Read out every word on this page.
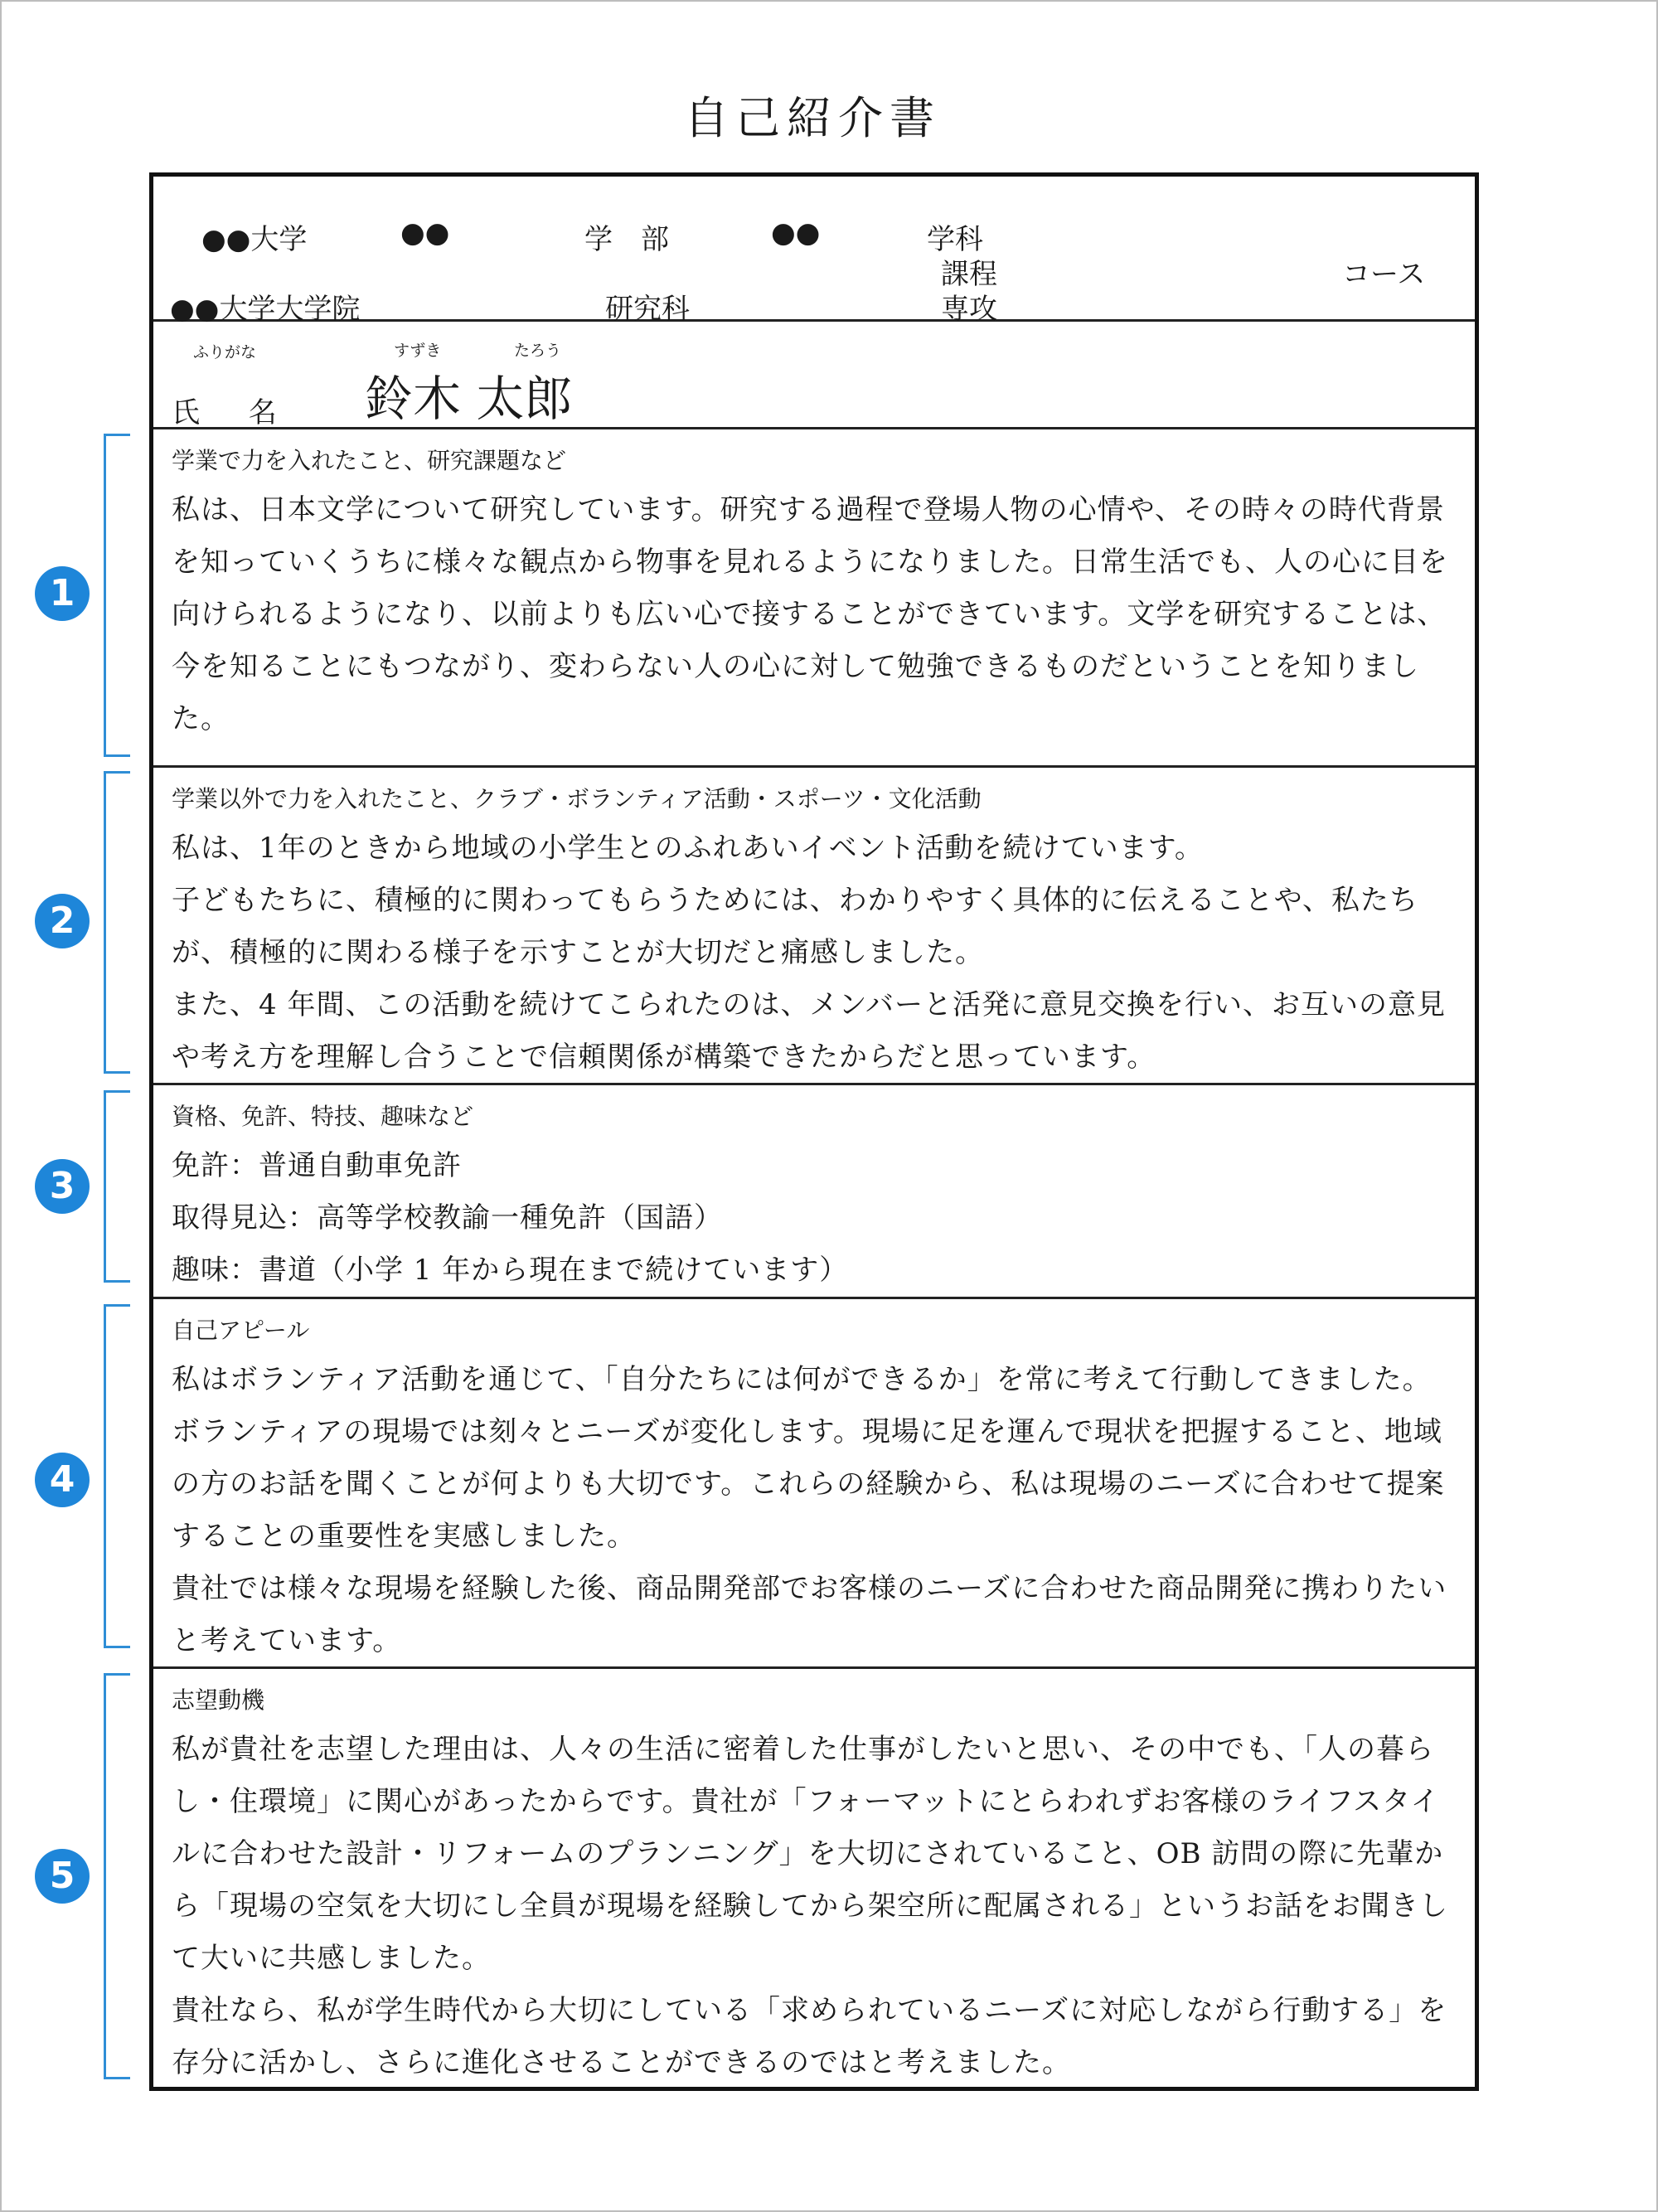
自己紹介書
●●大学	●●	学　部	●●	学科
課程	コース
●●大学大学院	研究科	専攻
ふりがな	すずき	たろう
氏 名 鈴木 太郎
学業で力を入れたこと、研究課題など

私は、日本文学について研究しています。研究する過程で登場人物の心情や、その時々の時代背景を知っていくうちに様々な観点から物事を見れるようになりました。日常生活でも、人の心に目を向けられるようになり、以前よりも広い心で接することができています。文学を研究することは、今を知ることにもつながり、変わらない人の心に対して勉強できるものだということを知りました。

学業以外で力を入れたこと、クラブ・ボランティア活動・スポーツ・文化活動

私は、1年のときから地域の小学生とのふれあいイベント活動を続けています。

子どもたちに、積極的に関わってもらうためには、わかりやすく具体的に伝えることや、私たちが、積極的に関わる様子を示すことが大切だと痛感しました。

また、4 年間、この活動を続けてこられたのは、メンバーと活発に意見交換を行い、お互いの意見や考え方を理解し合うことで信頼関係が構築できたからだと思っています。

資格、免許、特技、趣味など

免許：普通自動車免許

取得見込：高等学校教諭一種免許（国語）

趣味：書道（小学 1 年から現在まで続けています）

自己アピール

私はボランティア活動を通じて、「自分たちには何ができるか」を常に考えて行動してきました。ボランティアの現場では刻々とニーズが変化します。現場に足を運んで現状を把握すること、地域の方のお話を聞くことが何よりも大切です。これらの経験から、私は現場のニーズに合わせて提案することの重要性を実感しました。

貴社では様々な現場を経験した後、商品開発部でお客様のニーズに合わせた商品開発に携わりたいと考えています。

志望動機

私が貴社を志望した理由は、人々の生活に密着した仕事がしたいと思い、その中でも、「人の暮らし・住環境」に関心があったからです。貴社が「フォーマットにとらわれずお客様のライフスタイルに合わせた設計・リフォームのプランニング」を大切にされていること、OB 訪問の際に先輩から「現場の空気を大切にし全員が現場を経験してから架空所に配属される」というお話をお聞きして大いに共感しました。

貴社なら、私が学生時代から大切にしている「求められているニーズに対応しながら行動する」を存分に活かし、さらに進化させることができるのではと考えました。

1
2
3
4
5
